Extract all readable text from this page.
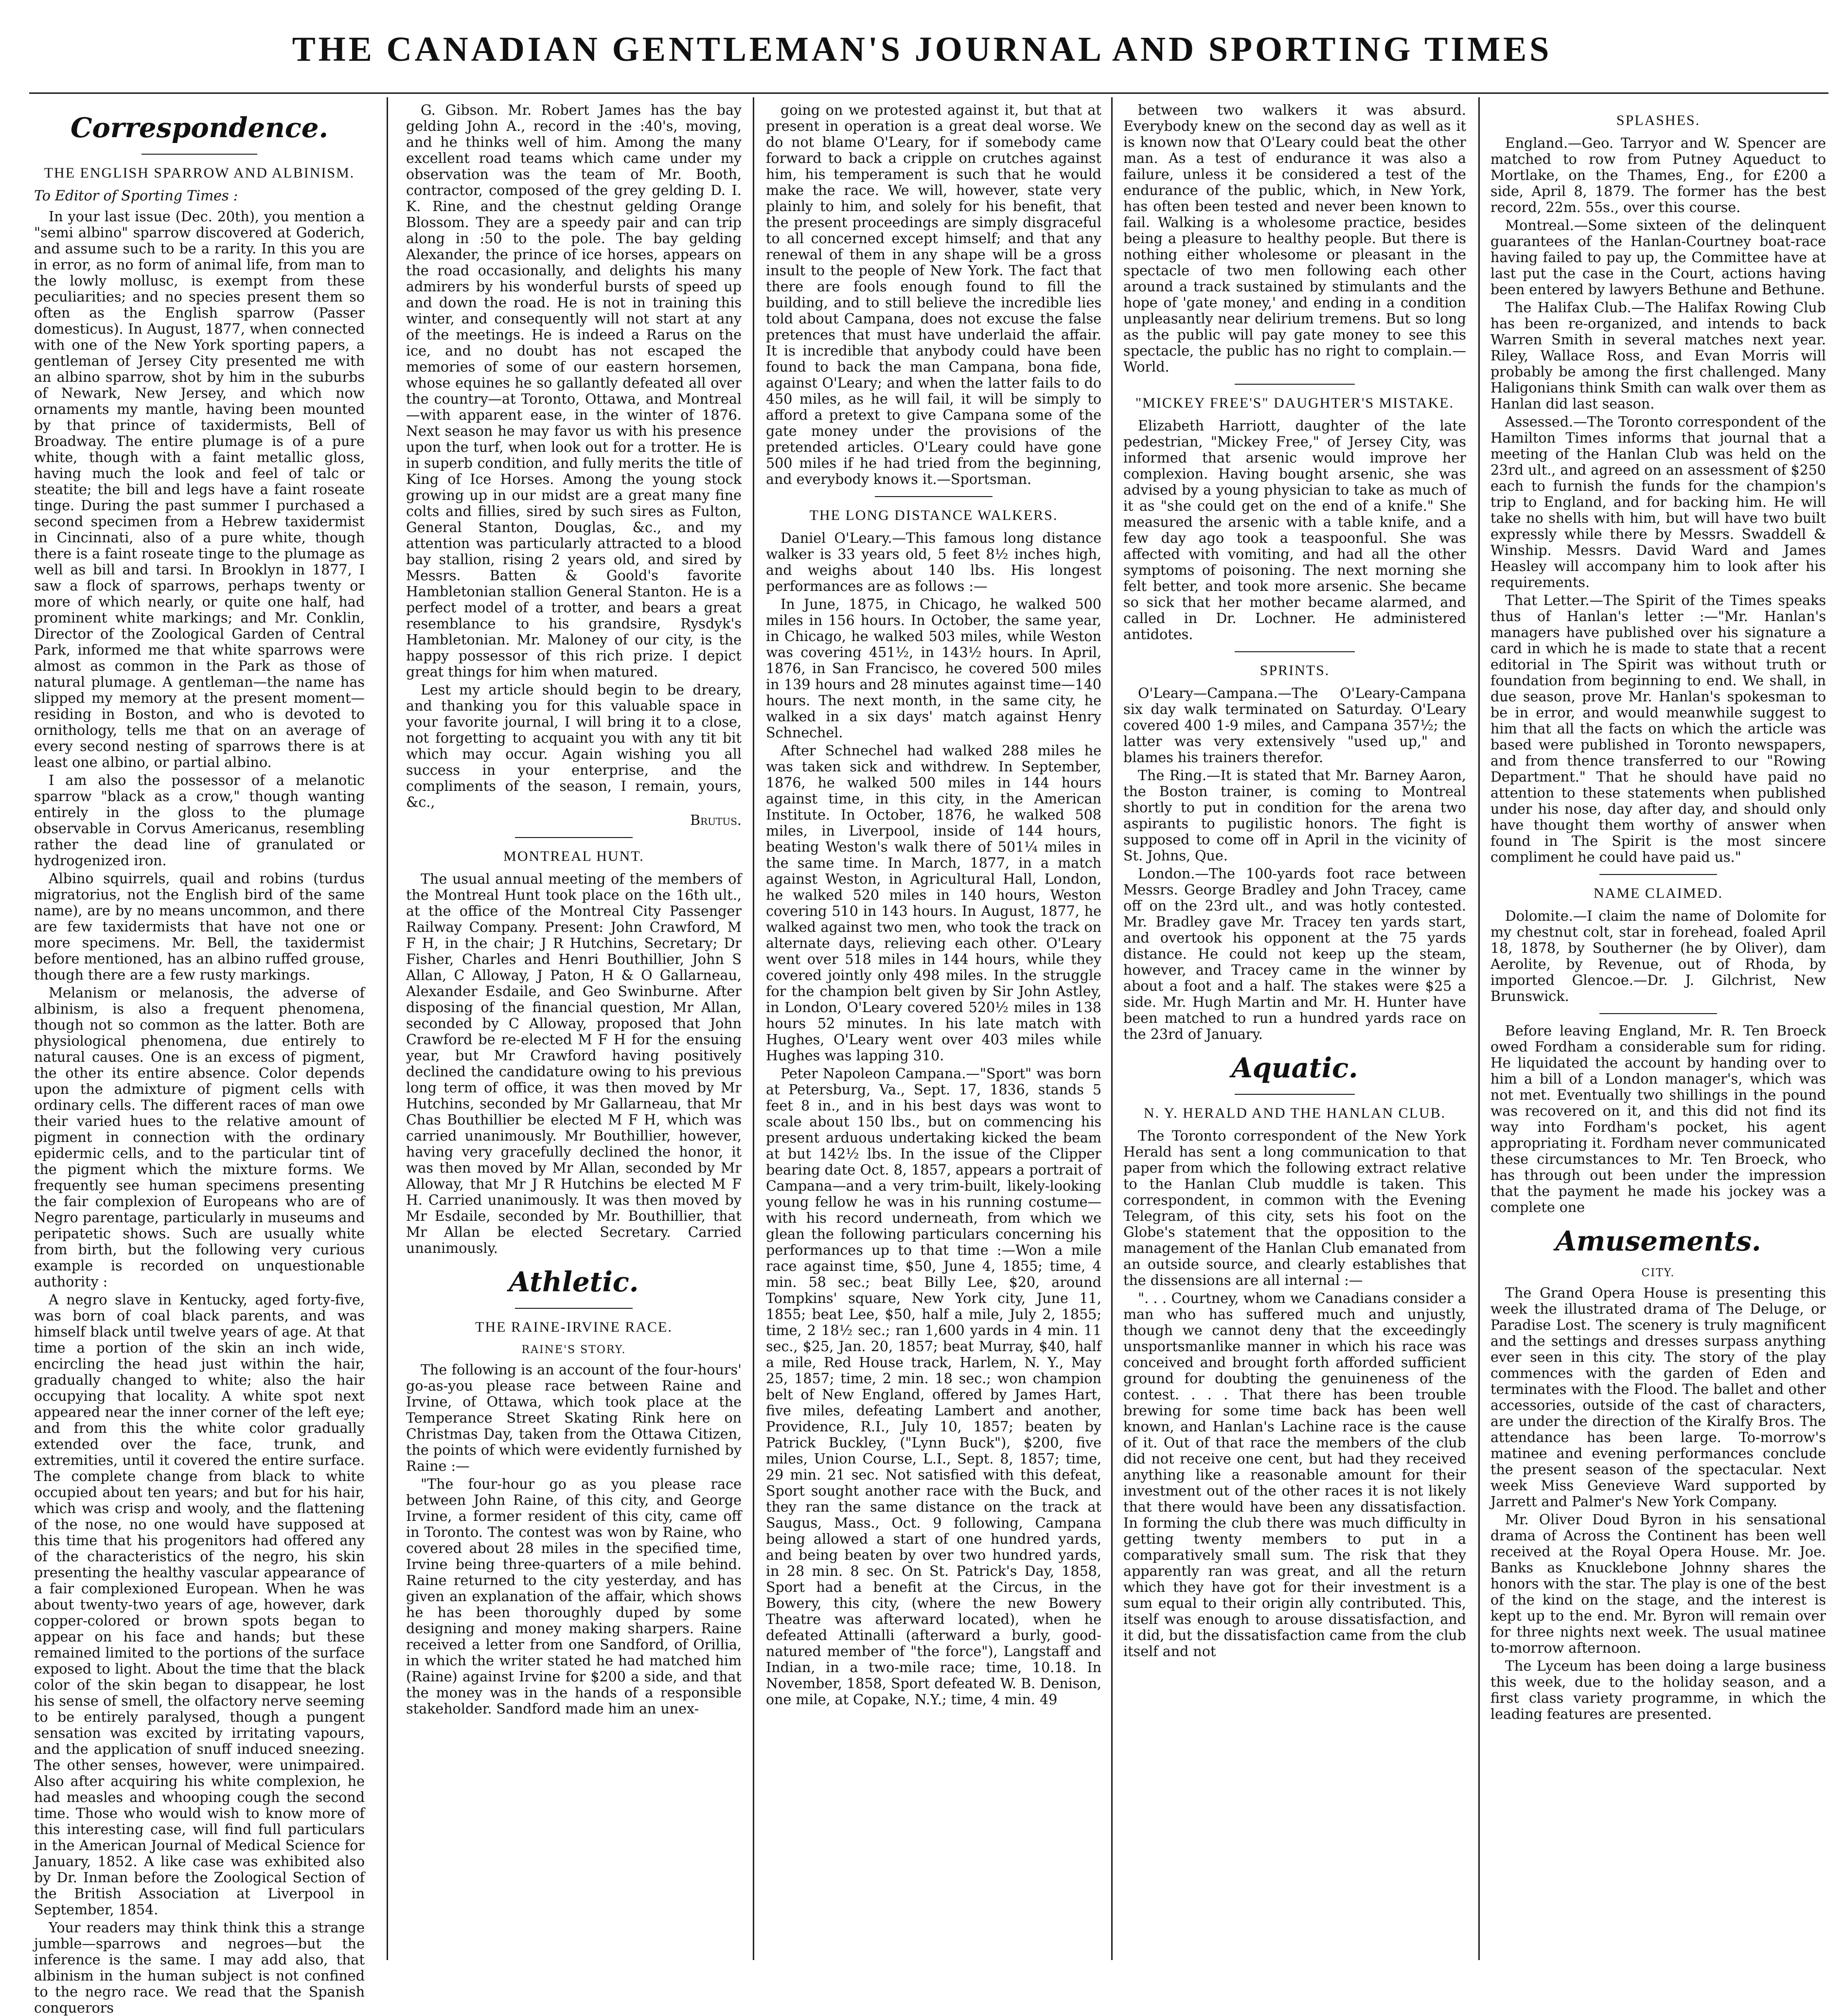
THE CANADIAN GENTLEMAN'S JOURNAL AND SPORTING TIMES
Correspondence.
THE ENGLISH SPARROW AND ALBINISM.
To Editor of Sporting Times :

In your last issue (Dec. 20th), you mention a "semi albino" sparrow discovered at Goderich, and assume such to be a rarity. In this you are in error, as no form of animal life, from man to the lowly mollusc, is exempt from these peculiarities; and no species present them so often as the English sparrow (Passer domesticus). In August, 1877, when connected with one of the New York sporting papers, a gentleman of Jersey City presented me with an albino sparrow, shot by him in the suburbs of Newark, New Jersey, and which now ornaments my mantle, having been mounted by that prince of taxidermists, Bell of Broadway. The entire plumage is of a pure white, though with a faint metallic gloss, having much the look and feel of talc or steatite; the bill and legs have a faint roseate tinge. During the past summer I purchased a second specimen from a Hebrew taxidermist in Cincinnati, also of a pure white, though there is a faint roseate tinge to the plumage as well as bill and tarsi. In Brooklyn in 1877, I saw a flock of sparrows, perhaps twenty or more of which nearly, or quite one half, had prominent white markings; and Mr. Conklin, Director of the Zoological Garden of Central Park, informed me that white sparrows were almost as common in the Park as those of natural plumage. A gentleman—the name has slipped my memory at the present moment—residing in Boston, and who is devoted to ornithology, tells me that on an average of every second nesting of sparrows there is at least one albino, or partial albino.

I am also the possessor of a melanotic sparrow "black as a crow," though wanting entirely in the gloss to the plumage observable in Corvus Americanus, resembling rather the dead line of granulated or hydrogenized iron.

Albino squirrels, quail and robins (turdus migratorius, not the English bird of the same name), are by no means uncommon, and there are few taxidermists that have not one or more specimens. Mr. Bell, the taxidermist before mentioned, has an albino ruffed grouse, though there are a few rusty markings.

Melanism or melanosis, the adverse of albinism, is also a frequent phenomena, though not so common as the latter. Both are physiological phenomena, due entirely to natural causes. One is an excess of pigment, the other its entire absence. Color depends upon the admixture of pigment cells with ordinary cells. The different races of man owe their varied hues to the relative amount of pigment in connection with the ordinary epidermic cells, and to the particular tint of the pigment which the mixture forms. We frequently see human specimens presenting the fair complexion of Europeans who are of Negro parentage, particularly in museums and peripatetic shows. Such are usually white from birth, but the following very curious example is recorded on unquestionable authority :

A negro slave in Kentucky, aged forty-five, was born of coal black parents, and was himself black until twelve years of age. At that time a portion of the skin an inch wide, encircling the head just within the hair, gradually changed to white; also the hair occupying that locality. A white spot next appeared near the inner corner of the left eye; and from this the white color gradually extended over the face, trunk, and extremities, until it covered the entire surface. The complete change from black to white occupied about ten years; and but for his hair, which was crisp and wooly, and the flattening of the nose, no one would have supposed at this time that his progenitors had offered any of the characteristics of the negro, his skin presenting the healthy vascular appearance of a fair complexioned European. When he was about twenty-two years of age, however, dark copper-colored or brown spots began to appear on his face and hands; but these remained limited to the portions of the surface exposed to light. About the time that the black color of the skin began to disappear, he lost his sense of smell, the olfactory nerve seeming to be entirely paralysed, though a pungent sensation was excited by irritating vapours, and the application of snuff induced sneezing. The other senses, however, were unimpaired. Also after acquiring his white complexion, he had measles and whooping cough the second time. Those who would wish to know more of this interesting case, will find full particulars in the American Journal of Medical Science for January, 1852. A like case was exhibited also by Dr. Inman before the Zoological Section of the British Association at Liverpool in September, 1854.

Your readers may think think this a strange jumble—sparrows and negroes—but the inference is the same. I may add also, that albinism in the human subject is not confined to the negro race. We read that the Spanish conquerors

G. Gibson. Mr. Robert James has the bay gelding John A., record in the :40's, moving, and he thinks well of him. Among the many excellent road teams which came under my observation was the team of Mr. Booth, contractor, composed of the grey gelding D. I. K. Rine, and the chestnut gelding Orange Blossom. They are a speedy pair and can trip along in :50 to the pole. The bay gelding Alexander, the prince of ice horses, appears on the road occasionally, and delights his many admirers by his wonderful bursts of speed up and down the road. He is not in training this winter, and consequently will not start at any of the meetings. He is indeed a Rarus on the ice, and no doubt has not escaped the memories of some of our eastern horsemen, whose equines he so gallantly defeated all over the country—at Toronto, Ottawa, and Montreal—with apparent ease, in the winter of 1876. Next season he may favor us with his presence upon the turf, when look out for a trotter. He is in superb condition, and fully merits the title of King of Ice Horses. Among the young stock growing up in our midst are a great many fine colts and fillies, sired by such sires as Fulton, General Stanton, Douglas, &c., and my attention was particularly attracted to a blood bay stallion, rising 2 years old, and sired by Messrs. Batten & Goold's favorite Hambletonian stallion General Stanton. He is a perfect model of a trotter, and bears a great resemblance to his grandsire, Rysdyk's Hambletonian. Mr. Maloney of our city, is the happy possessor of this rich prize. I depict great things for him when matured.

Lest my article should begin to be dreary, and thanking you for this valuable space in your favorite journal, I will bring it to a close, not forgetting to acquaint you with any tit bit which may occur. Again wishing you all success in your enterprise, and the compliments of the season, I remain, yours, &c.,

Brutus.
MONTREAL HUNT.

The usual annual meeting of the members of the Montreal Hunt took place on the 16th ult., at the office of the Montreal City Passenger Railway Company. Present: John Crawford, M F H, in the chair; J R Hutchins, Secretary; Dr Fisher, Charles and Henri Bouthillier, John S Allan, C Alloway, J Paton, H & O Gallarneau, Alexander Esdaile, and Geo Swinburne. After disposing of the financial question, Mr Allan, seconded by C Alloway, proposed that John Crawford be re-elected M F H for the ensuing year, but Mr Crawford having positively declined the candidature owing to his previous long term of office, it was then moved by Mr Hutchins, seconded by Mr Gallarneau, that Mr Chas Bouthillier be elected M F H, which was carried unanimously. Mr Bouthillier, however, having very gracefully declined the honor, it was then moved by Mr Allan, seconded by Mr Alloway, that Mr J R Hutchins be elected M F H. Carried unanimously. It was then moved by Mr Esdaile, seconded by Mr. Bouthillier, that Mr Allan be elected Secretary. Carried unanimously.

Athletic.
THE RAINE-IRVINE RACE.
RAINE'S STORY.

The following is an account of the four-hours' go-as-you please race between Raine and Irvine, of Ottawa, which took place at the Temperance Street Skating Rink here on Christmas Day, taken from the Ottawa Citizen, the points of which were evidently furnished by Raine :—

"The four-hour go as you please race between John Raine, of this city, and George Irvine, a former resident of this city, came off in Toronto. The contest was won by Raine, who covered about 28 miles in the specified time, Irvine being three-quarters of a mile behind. Raine returned to the city yesterday, and has given an explanation of the affair, which shows he has been thoroughly duped by some designing and money making sharpers. Raine received a letter from one Sandford, of Orillia, in which the writer stated he had matched him (Raine) against Irvine for $200 a side, and that the money was in the hands of a responsible stakeholder. Sandford made him an unex-

going on we protested against it, but that at present in operation is a great deal worse. We do not blame O'Leary, for if somebody came forward to back a cripple on crutches against him, his temperament is such that he would make the race. We will, however, state very plainly to him, and solely for his benefit, that the present proceedings are simply disgraceful to all concerned except himself; and that any renewal of them in any shape will be a gross insult to the people of New York. The fact that there are fools enough found to fill the building, and to still believe the incredible lies told about Campana, does not excuse the false pretences that must have underlaid the affair. It is incredible that anybody could have been found to back the man Campana, bona fide, against O'Leary; and when the latter fails to do 450 miles, as he will fail, it will be simply to afford a pretext to give Campana some of the gate money under the provisions of the pretended articles. O'Leary could have gone 500 miles if he had tried from the beginning, and everybody knows it.—Sportsman.

THE LONG DISTANCE WALKERS.

Daniel O'Leary.—This famous long distance walker is 33 years old, 5 feet 8½ inches high, and weighs about 140 lbs. His longest performances are as follows :—

In June, 1875, in Chicago, he walked 500 miles in 156 hours. In October, the same year, in Chicago, he walked 503 miles, while Weston was covering 451½, in 143½ hours. In April, 1876, in San Francisco, he covered 500 miles in 139 hours and 28 minutes against time—140 hours. The next month, in the same city, he walked in a six days' match against Henry Schnechel.

After Schnechel had walked 288 miles he was taken sick and withdrew. In September, 1876, he walked 500 miles in 144 hours against time, in this city, in the American Institute. In October, 1876, he walked 508 miles, in Liverpool, inside of 144 hours, beating Weston's walk there of 501¼ miles in the same time. In March, 1877, in a match against Weston, in Agricultural Hall, London, he walked 520 miles in 140 hours, Weston covering 510 in 143 hours. In August, 1877, he walked against two men, who took the track on alternate days, relieving each other. O'Leary went over 518 miles in 144 hours, while they covered jointly only 498 miles. In the struggle for the champion belt given by Sir John Astley, in London, O'Leary covered 520½ miles in 138 hours 52 minutes. In his late match with Hughes, O'Leary went over 403 miles while Hughes was lapping 310.

Peter Napoleon Campana.—"Sport" was born at Petersburg, Va., Sept. 17, 1836, stands 5 feet 8 in., and in his best days was wont to scale about 150 lbs., but on commencing his present arduous undertaking kicked the beam at but 142½ lbs. In the issue of the Clipper bearing date Oct. 8, 1857, appears a portrait of Campana—and a very trim-built, likely-looking young fellow he was in his running costume—with his record underneath, from which we glean the following particulars concerning his performances up to that time :—Won a mile race against time, $50, June 4, 1855; time, 4 min. 58 sec.; beat Billy Lee, $20, around Tompkins' square, New York city, June 11, 1855; beat Lee, $50, half a mile, July 2, 1855; time, 2 18½ sec.; ran 1,600 yards in 4 min. 11 sec., $25, Jan. 20, 1857; beat Murray, $40, half a mile, Red House track, Harlem, N. Y., May 25, 1857; time, 2 min. 18 sec.; won champion belt of New England, offered by James Hart, five miles, defeating Lambert and another, Providence, R.I., July 10, 1857; beaten by Patrick Buckley, ("Lynn Buck"), $200, five miles, Union Course, L.I., Sept. 8, 1857; time, 29 min. 21 sec. Not satisfied with this defeat, Sport sought another race with the Buck, and they ran the same distance on the track at Saugus, Mass., Oct. 9 following, Campana being allowed a start of one hundred yards, and being beaten by over two hundred yards, in 28 min. 8 sec. On St. Patrick's Day, 1858, Sport had a benefit at the Circus, in the Bowery, this city, (where the new Bowery Theatre was afterward located), when he defeated Attinalli (afterward a burly, good-natured member of "the force"), Langstaff and Indian, in a two-mile race; time, 10.18. In November, 1858, Sport defeated W. B. Denison, one mile, at Copake, N.Y.; time, 4 min. 49

between two walkers it was absurd. Everybody knew on the second day as well as it is known now that O'Leary could beat the other man. As a test of endurance it was also a failure, unless it be considered a test of the endurance of the public, which, in New York, has often been tested and never been known to fail. Walking is a wholesome practice, besides being a pleasure to healthy people. But there is nothing either wholesome or pleasant in the spectacle of two men following each other around a track sustained by stimulants and the hope of 'gate money,' and ending in a condition unpleasantly near delirium tremens. But so long as the public will pay gate money to see this spectacle, the public has no right to complain.—World.

"MICKEY FREE'S" DAUGHTER'S MISTAKE.

Elizabeth Harriott, daughter of the late pedestrian, "Mickey Free," of Jersey City, was informed that arsenic would improve her complexion. Having bought arsenic, she was advised by a young physician to take as much of it as "she could get on the end of a knife." She measured the arsenic with a table knife, and a few day ago took a teaspoonful. She was affected with vomiting, and had all the other symptoms of poisoning. The next morning she felt better, and took more arsenic. She became so sick that her mother became alarmed, and called in Dr. Lochner. He administered antidotes.

SPRINTS.

O'Leary—Campana.—The O'Leary-Campana six day walk terminated on Saturday. O'Leary covered 400 1-9 miles, and Campana 357½; the latter was very extensively "used up," and blames his trainers therefor.

The Ring.—It is stated that Mr. Barney Aaron, the Boston trainer, is coming to Montreal shortly to put in condition for the arena two aspirants to pugilistic honors. The fight is supposed to come off in April in the vicinity of St. Johns, Que.

London.—The 100-yards foot race between Messrs. George Bradley and John Tracey, came off on the 23rd ult., and was hotly contested. Mr. Bradley gave Mr. Tracey ten yards start, and overtook his opponent at the 75 yards distance. He could not keep up the steam, however, and Tracey came in the winner by about a foot and a half. The stakes were $25 a side. Mr. Hugh Martin and Mr. H. Hunter have been matched to run a hundred yards race on the 23rd of January.

Aquatic.
N. Y. HERALD AND THE HANLAN CLUB.

The Toronto correspondent of the New York Herald has sent a long communication to that paper from which the following extract relative to the Hanlan Club muddle is taken. This correspondent, in common with the Evening Telegram, of this city, sets his foot on the Globe's statement that the opposition to the management of the Hanlan Club emanated from an outside source, and clearly establishes that the dissensions are all internal :—

". . . Courtney, whom we Canadians consider a man who has suffered much and unjustly, though we cannot deny that the exceedingly unsportsmanlike manner in which his race was conceived and brought forth afforded sufficient ground for doubting the genuineness of the contest. . . . That there has been trouble brewing for some time back has been well known, and Hanlan's Lachine race is the cause of it. Out of that race the members of the club did not receive one cent, but had they received anything like a reasonable amount for their investment out of the other races it is not likely that there would have been any dissatisfaction. In forming the club there was much difficulty in getting twenty members to put in a comparatively small sum. The risk that they apparently ran was great, and all the return which they have got for their investment is a sum equal to their origin ally contributed. This, itself was enough to arouse dissatisfaction, and it did, but the dissatisfaction came from the club itself and not

SPLASHES.

England.—Geo. Tarryor and W. Spencer are matched to row from Putney Aqueduct to Mortlake, on the Thames, Eng., for £200 a side, April 8, 1879. The former has the best record, 22m. 55s., over this course.

Montreal.—Some sixteen of the delinquent guarantees of the Hanlan-Courtney boat-race having failed to pay up, the Committee have at last put the case in the Court, actions having been entered by lawyers Bethune and Bethune.

The Halifax Club.—The Halifax Rowing Club has been re-organized, and intends to back Warren Smith in several matches next year. Riley, Wallace Ross, and Evan Morris will probably be among the first challenged. Many Haligonians think Smith can walk over them as Hanlan did last season.

Assessed.—The Toronto correspondent of the Hamilton Times informs that journal that a meeting of the Hanlan Club was held on the 23rd ult., and agreed on an assessment of $250 each to furnish the funds for the champion's trip to England, and for backing him. He will take no shells with him, but will have two built expressly while there by Messrs. Swaddell & Winship. Messrs. David Ward and James Heasley will accompany him to look after his requirements.

That Letter.—The Spirit of the Times speaks thus of Hanlan's letter :—"Mr. Hanlan's managers have published over his signature a card in which he is made to state that a recent editorial in The Spirit was without truth or foundation from beginning to end. We shall, in due season, prove Mr. Hanlan's spokesman to be in error, and would meanwhile suggest to him that all the facts on which the article was based were published in Toronto newspapers, and from thence transferred to our "Rowing Department." That he should have paid no attention to these statements when published under his nose, day after day, and should only have thought them worthy of answer when found in The Spirit is the most sincere compliment he could have paid us."

NAME CLAIMED.

Dolomite.—I claim the name of Dolomite for my chestnut colt, star in forehead, foaled April 18, 1878, by Southerner (he by Oliver), dam Aerolite, by Revenue, out of Rhoda, by imported Glencoe.—Dr. J. Gilchrist, New Brunswick.

Before leaving England, Mr. R. Ten Broeck owed Fordham a considerable sum for riding. He liquidated the account by handing over to him a bill of a London manager's, which was not met. Eventually two shillings in the pound was recovered on it, and this did not find its way into Fordham's pocket, his agent appropriating it. Fordham never communicated these circumstances to Mr. Ten Broeck, who has through out been under the impression that the payment he made his jockey was a complete one

Amusements.
CITY.

The Grand Opera House is presenting this week the illustrated drama of The Deluge, or Paradise Lost. The scenery is truly magnificent and the settings and dresses surpass anything ever seen in this city. The story of the play commences with the garden of Eden and terminates with the Flood. The ballet and other accessories, outside of the cast of characters, are under the direction of the Kiralfy Bros. The attendance has been large. To-morrow's matinee and evening performances conclude the present season of the spectacular. Next week Miss Genevieve Ward supported by Jarrett and Palmer's New York Company.

Mr. Oliver Doud Byron in his sensational drama of Across the Continent has been well received at the Royal Opera House. Mr. Joe. Banks as Knucklebone Johnny shares the honors with the star. The play is one of the best of the kind on the stage, and the interest is kept up to the end. Mr. Byron will remain over for three nights next week. The usual matinee to-morrow afternoon.

The Lyceum has been doing a large business this week, due to the holiday season, and a first class variety programme, in which the leading features are presented.
